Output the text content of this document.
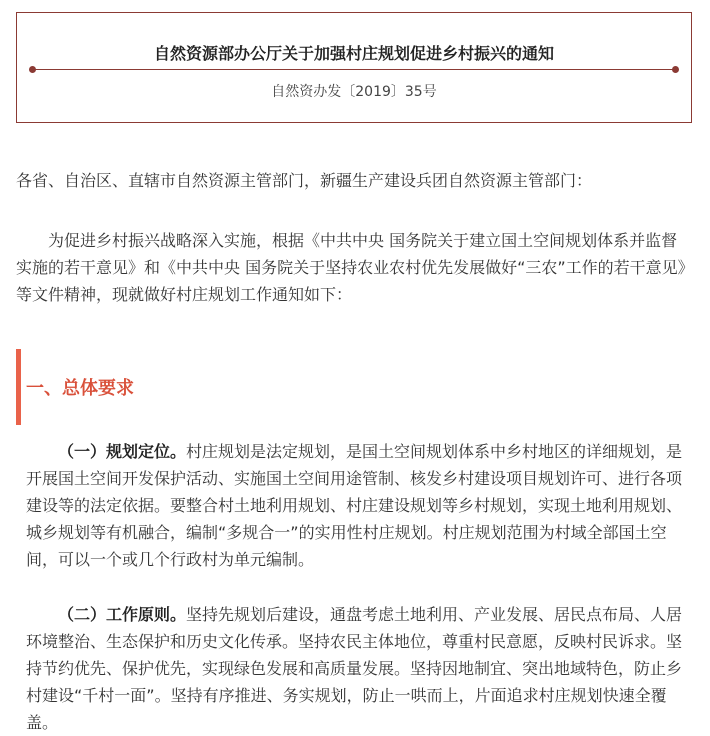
自然资源部办公厅关于加强村庄规划促进乡村振兴的通知
自然资办发〔2019〕35号

各省、自治区、直辖市自然资源主管部门，新疆生产建设兵团自然资源主管部门：

为促进乡村振兴战略深入实施，根据《中共中央 国务院关于建立国土空间规划体系并监督实施的若干意见》和《中共中央 国务院关于坚持农业农村优先发展做好“三农”工作的若干意见》等文件精神，现就做好村庄规划工作通知如下：

一、总体要求

（一）规划定位。村庄规划是法定规划，是国土空间规划体系中乡村地区的详细规划，是开展国土空间开发保护活动、实施国土空间用途管制、核发乡村建设项目规划许可、进行各项建设等的法定依据。要整合村土地利用规划、村庄建设规划等乡村规划，实现土地利用规划、城乡规划等有机融合，编制“多规合一”的实用性村庄规划。村庄规划范围为村域全部国土空间，可以一个或几个行政村为单元编制。

（二）工作原则。坚持先规划后建设，通盘考虑土地利用、产业发展、居民点布局、人居环境整治、生态保护和历史文化传承。坚持农民主体地位，尊重村民意愿，反映村民诉求。坚持节约优先、保护优先，实现绿色发展和高质量发展。坚持因地制宜、突出地域特色，防止乡村建设“千村一面”。坚持有序推进、务实规划，防止一哄而上，片面追求村庄规划快速全覆盖。
